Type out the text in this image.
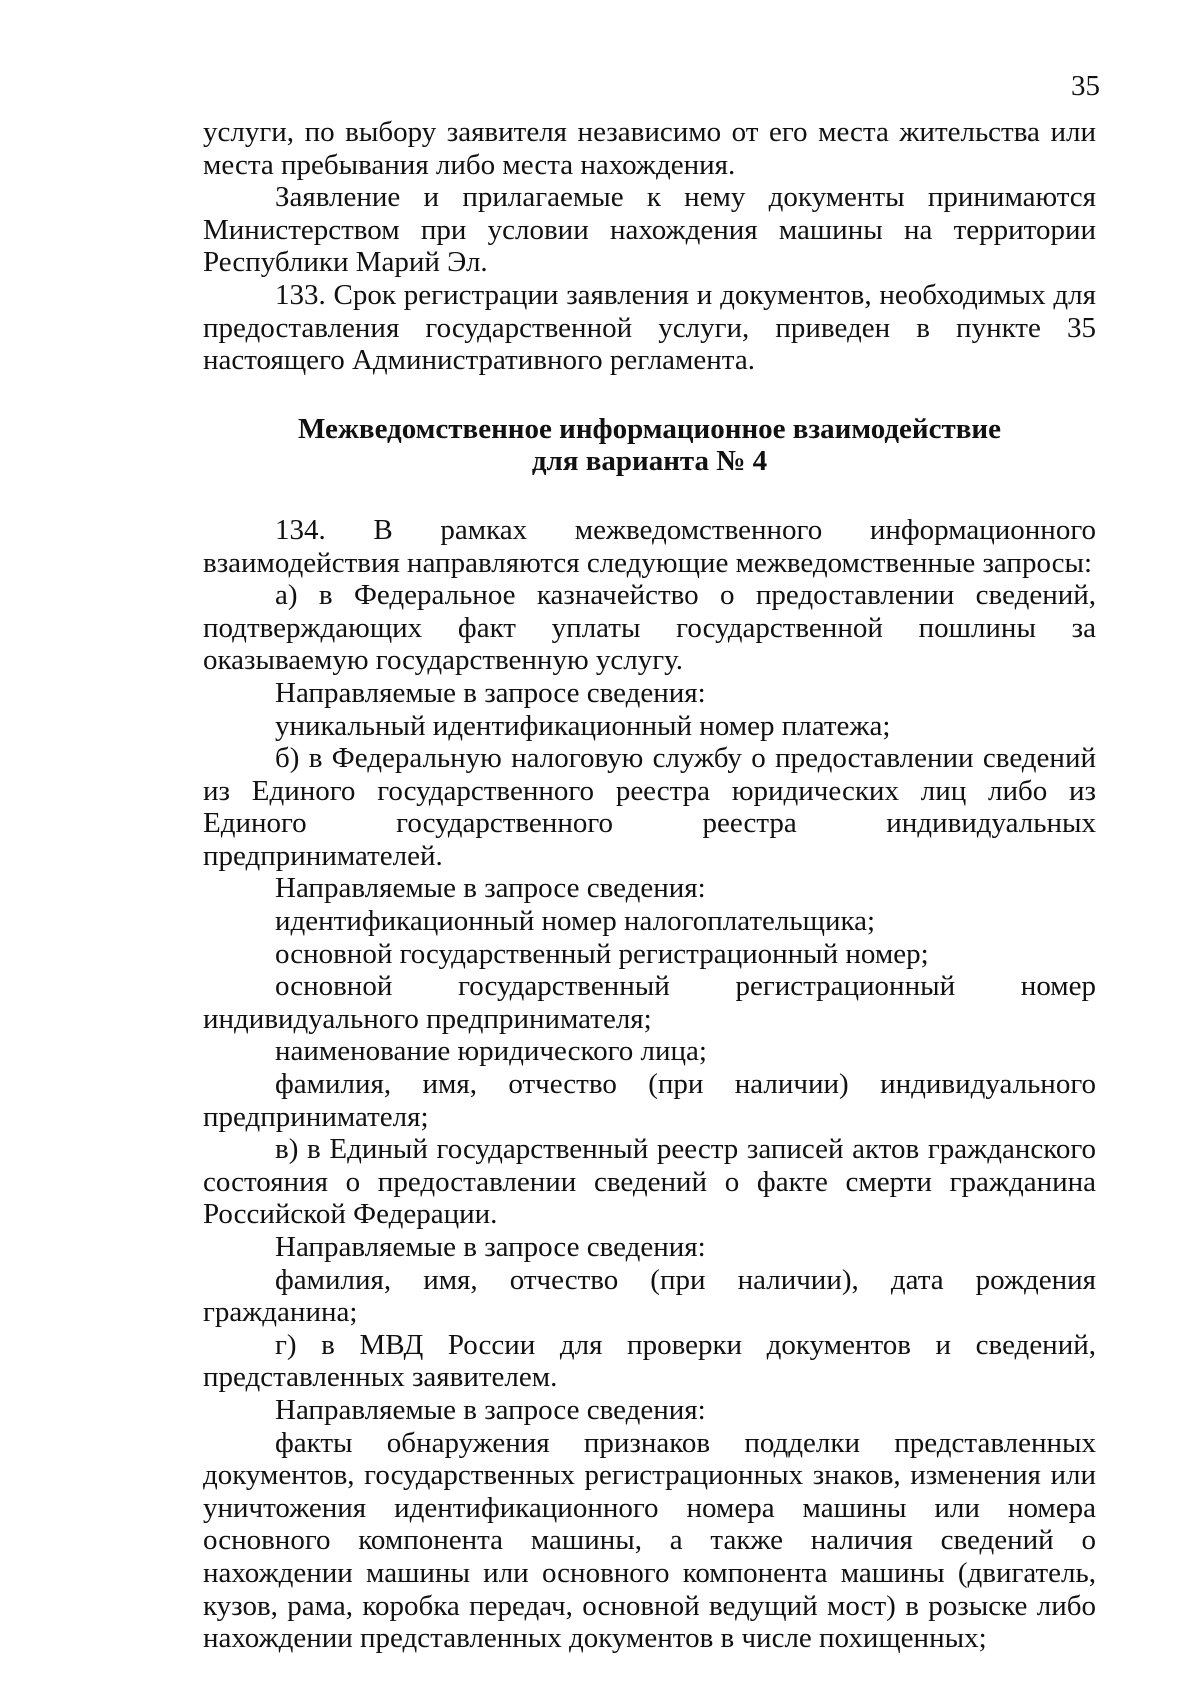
35

услуги, по выбору заявителя независимо от его места жительства или места пребывания либо места нахождения.

Заявление и прилагаемые к нему документы принимаются Министерством при условии нахождения машины на территории Республики Марий Эл.

133. Срок регистрации заявления и документов, необходимых для предоставления государственной услуги, приведен в пункте 35 настоящего Административного регламента.

Межведомственное информационное взаимодействие
для варианта № 4

134. В рамках межведомственного информационного взаимодействия направляются следующие межведомственные запросы:

а) в Федеральное казначейство о предоставлении сведений, подтверждающих факт уплаты государственной пошлины за оказываемую государственную услугу.

Направляемые в запросе сведения:

уникальный идентификационный номер платежа;

б) в Федеральную налоговую службу о предоставлении сведений из Единого государственного реестра юридических лиц либо из Единого государственного реестра индивидуальных предпринимателей.

Направляемые в запросе сведения:

идентификационный номер налогоплательщика;

основной государственный регистрационный номер;

основной государственный регистрационный номер индивидуального предпринимателя;

наименование юридического лица;

фамилия, имя, отчество (при наличии) индивидуального предпринимателя;

в) в Единый государственный реестр записей актов гражданского состояния о предоставлении сведений о факте смерти гражданина Российской Федерации.

Направляемые в запросе сведения:

фамилия, имя, отчество (при наличии), дата рождения гражданина;

г) в МВД России для проверки документов и сведений, представленных заявителем.

Направляемые в запросе сведения:

факты обнаружения признаков подделки представленных документов, государственных регистрационных знаков, изменения или уничтожения идентификационного номера машины или номера основного компонента машины, а также наличия сведений о нахождении машины или основного компонента машины (двигатель, кузов, рама, коробка передач, основной ведущий мост) в розыске либо нахождении представленных документов в числе похищенных;
